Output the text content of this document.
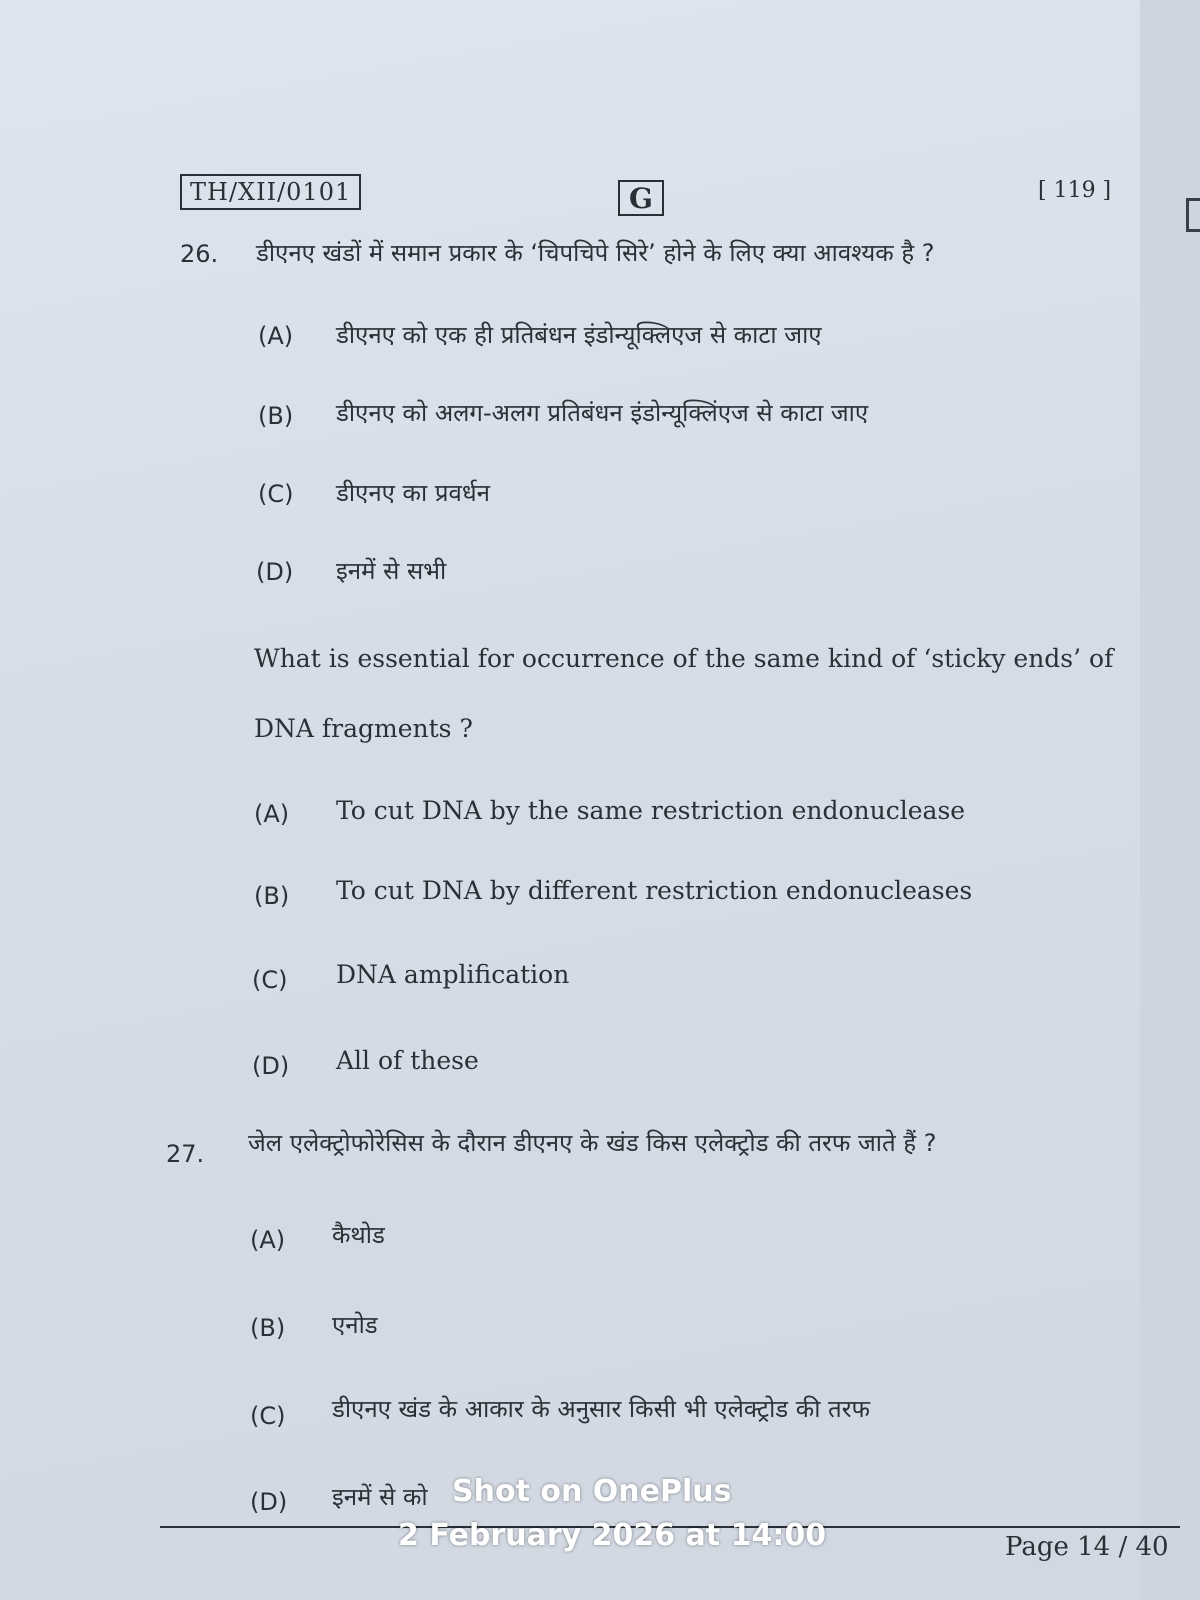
TH/XII/0101	G	[ 119 ]
26. डीएनए खंडों में समान प्रकार के ‘चिपचिपे सिरे’ होने के लिए क्या आवश्यक है ?
(A) डीएनए को एक ही प्रतिबंधन इंडोन्यूक्लिएज से काटा जाए
(B) डीएनए को अलग-अलग प्रतिबंधन इंडोन्यूक्लिंएज से काटा जाए
(C) डीएनए का प्रवर्धन
(D) इनमें से सभी
What is essential for occurrence of the same kind of ‘sticky ends’ of
DNA fragments ?
(A) To cut DNA by the same restriction endonuclease
(B) To cut DNA by different restriction endonucleases
(C) DNA amplification
(D) All of these
27. जेल एलेक्ट्रोफोरेसिस के दौरान डीएनए के खंड किस एलेक्ट्रोड की तरफ जाते हैं ?
(A) कैथोड
(B) एनोड
(C) डीएनए खंड के आकार के अनुसार किसी भी एलेक्ट्रोड की तरफ
(D) इनमें से को
Page 14 / 40
Shot on OnePlus
2 February 2026 at 14:00
